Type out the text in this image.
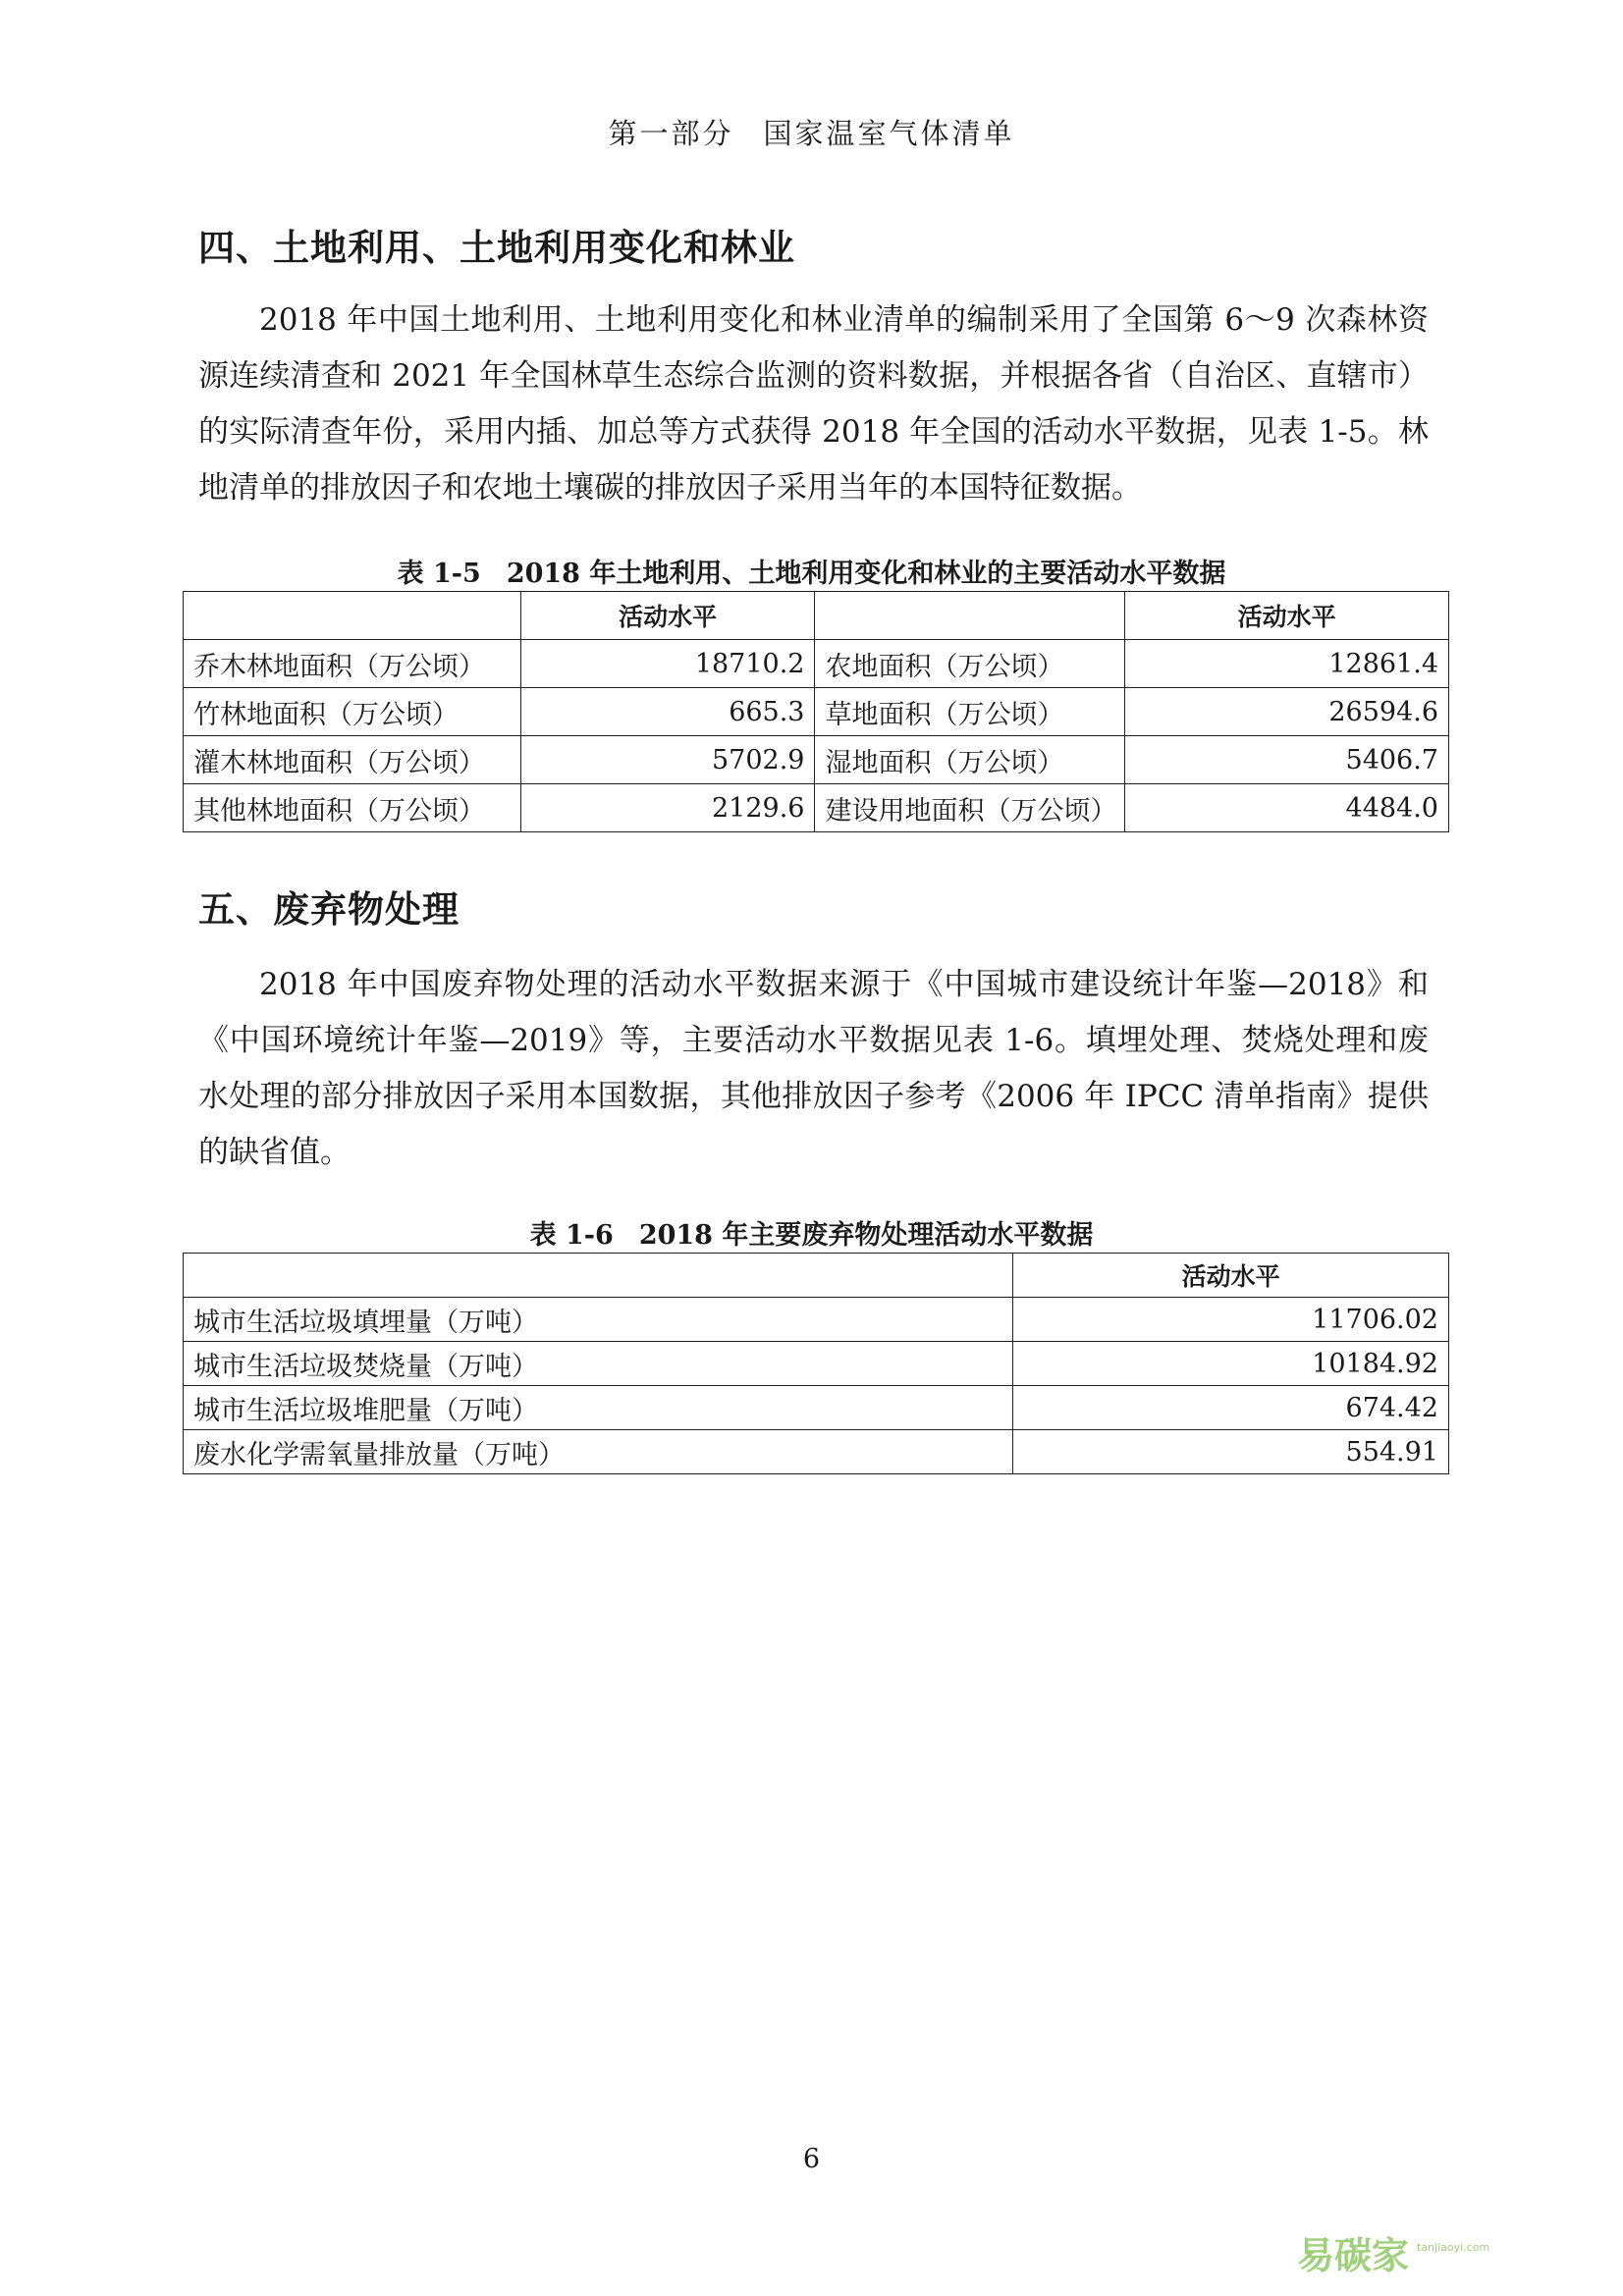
第一部分 国家温室气体清单
四、土地利用、土地利用变化和林业

2018 年中国土地利用、土地利用变化和林业清单的编制采用了全国第 6～9 次森林资源连续清查和 2021 年全国林草生态综合监测的资料数据，并根据各省（自治区、直辖市）的实际清查年份，采用内插、加总等方式获得 2018 年全国的活动水平数据，见表 1-5。林地清单的排放因子和农地土壤碳的排放因子采用当年的本国特征数据。

表 1-5 2018 年土地利用、土地利用变化和林业的主要活动水平数据
	活动水平		活动水平
乔木林地面积（万公顷）	18710.2	农地面积（万公顷）	12861.4
竹林地面积（万公顷）	665.3	草地面积（万公顷）	26594.6
灌木林地面积（万公顷）	5702.9	湿地面积（万公顷）	5406.7
其他林地面积（万公顷）	2129.6	建设用地面积（万公顷）	4484.0
五、废弃物处理

2018 年中国废弃物处理的活动水平数据来源于《中国城市建设统计年鉴—2018》和《中国环境统计年鉴—2019》等，主要活动水平数据见表 1-6。填埋处理、焚烧处理和废水处理的部分排放因子采用本国数据，其他排放因子参考《2006 年 IPCC 清单指南》提供的缺省值。

表 1-6 2018 年主要废弃物处理活动水平数据
	活动水平
城市生活垃圾填埋量（万吨）	11706.02
城市生活垃圾焚烧量（万吨）	10184.92
城市生活垃圾堆肥量（万吨）	674.42
废水化学需氧量排放量（万吨）	554.91
6
易碳家 tanjiaoyi.com
